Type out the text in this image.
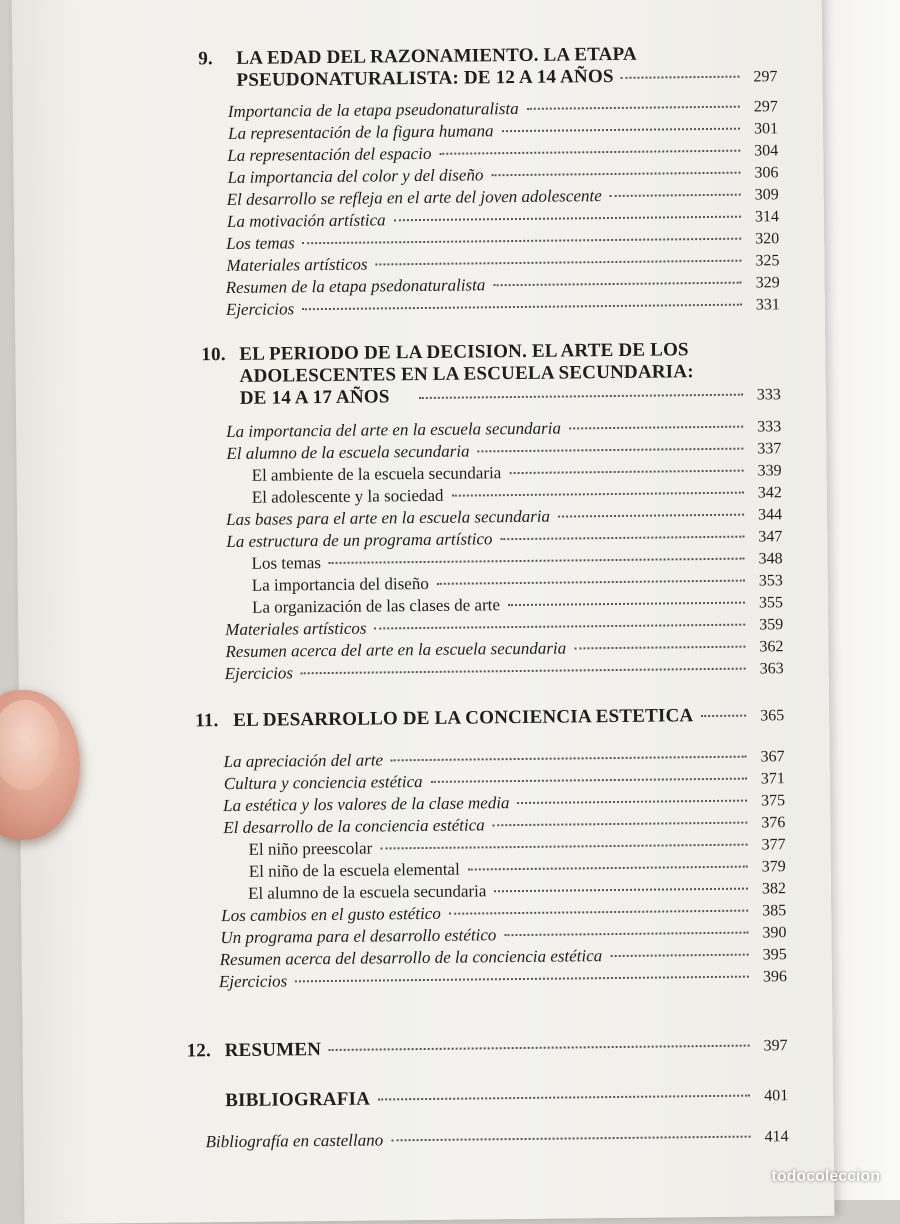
9. LA EDAD DEL RAZONAMIENTO. LA ETAPA
PSEUDONATURALISTA: DE 12 A 14 AÑOS	297
Importancia de la etapa pseudonaturalista	297
La representación de la figura humana	301
La representación del espacio	304
La importancia del color y del diseño	306
El desarrollo se refleja en el arte del joven adolescente	309
La motivación artística	314
Los temas	320
Materiales artísticos	325
Resumen de la etapa psedonaturalista	329
Ejercicios	331
10. EL PERIODO DE LA DECISION. EL ARTE DE LOS
ADOLESCENTES EN LA ESCUELA SECUNDARIA:
DE 14 A 17 AÑOS	333
La importancia del arte en la escuela secundaria	333
El alumno de la escuela secundaria	337
El ambiente de la escuela secundaria	339
El adolescente y la sociedad	342
Las bases para el arte en la escuela secundaria	344
La estructura de un programa artístico	347
Los temas	348
La importancia del diseño	353
La organización de las clases de arte	355
Materiales artísticos	359
Resumen acerca del arte en la escuela secundaria	362
Ejercicios	363
11. EL DESARROLLO DE LA CONCIENCIA ESTETICA	365
La apreciación del arte	367
Cultura y conciencia estética	371
La estética y los valores de la clase media	375
El desarrollo de la conciencia estética	376
El niño preescolar	377
El niño de la escuela elemental	379
El alumno de la escuela secundaria	382
Los cambios en el gusto estético	385
Un programa para el desarrollo estético	390
Resumen acerca del desarrollo de la conciencia estética	395
Ejercicios	396
12. RESUMEN	397
BIBLIOGRAFIA	401
Bibliografía en castellano	414
todocoleccion
